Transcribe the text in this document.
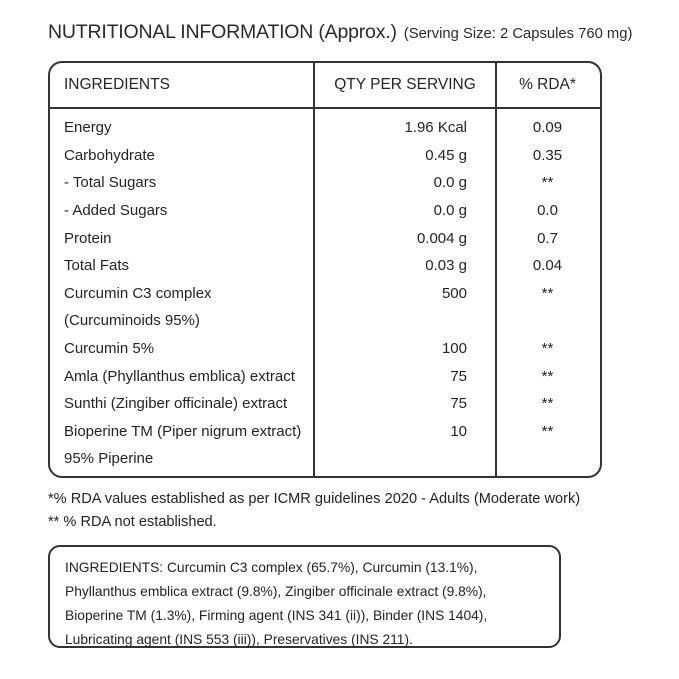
NUTRITIONAL INFORMATION (Approx.) (Serving Size: 2 Capsules 760 mg)
INGREDIENTS	QTY PER SERVING	% RDA*
Energy	1.96 Kcal	0.09
Carbohydrate	0.45 g	0.35
- Total Sugars	0.0 g	**
- Added Sugars	0.0 g	0.0
Protein	0.004 g	0.7
Total Fats	0.03 g	0.04
Curcumin C3 complex	500	**
(Curcuminoids 95%)
Curcumin 5%	100	**
Amla (Phyllanthus emblica) extract	75	**
Sunthi (Zingiber officinale) extract	75	**
Bioperine TM (Piper nigrum extract)	10	**
95% Piperine
*% RDA values established as per ICMR guidelines 2020 - Adults (Moderate work)
** % RDA not established.
INGREDIENTS: Curcumin C3 complex (65.7%), Curcumin (13.1%), Phyllanthus emblica extract (9.8%), Zingiber officinale extract (9.8%), Bioperine TM (1.3%), Firming agent (INS 341 (ii)), Binder (INS 1404), Lubricating agent (INS 553 (iii)), Preservatives (INS 211).
